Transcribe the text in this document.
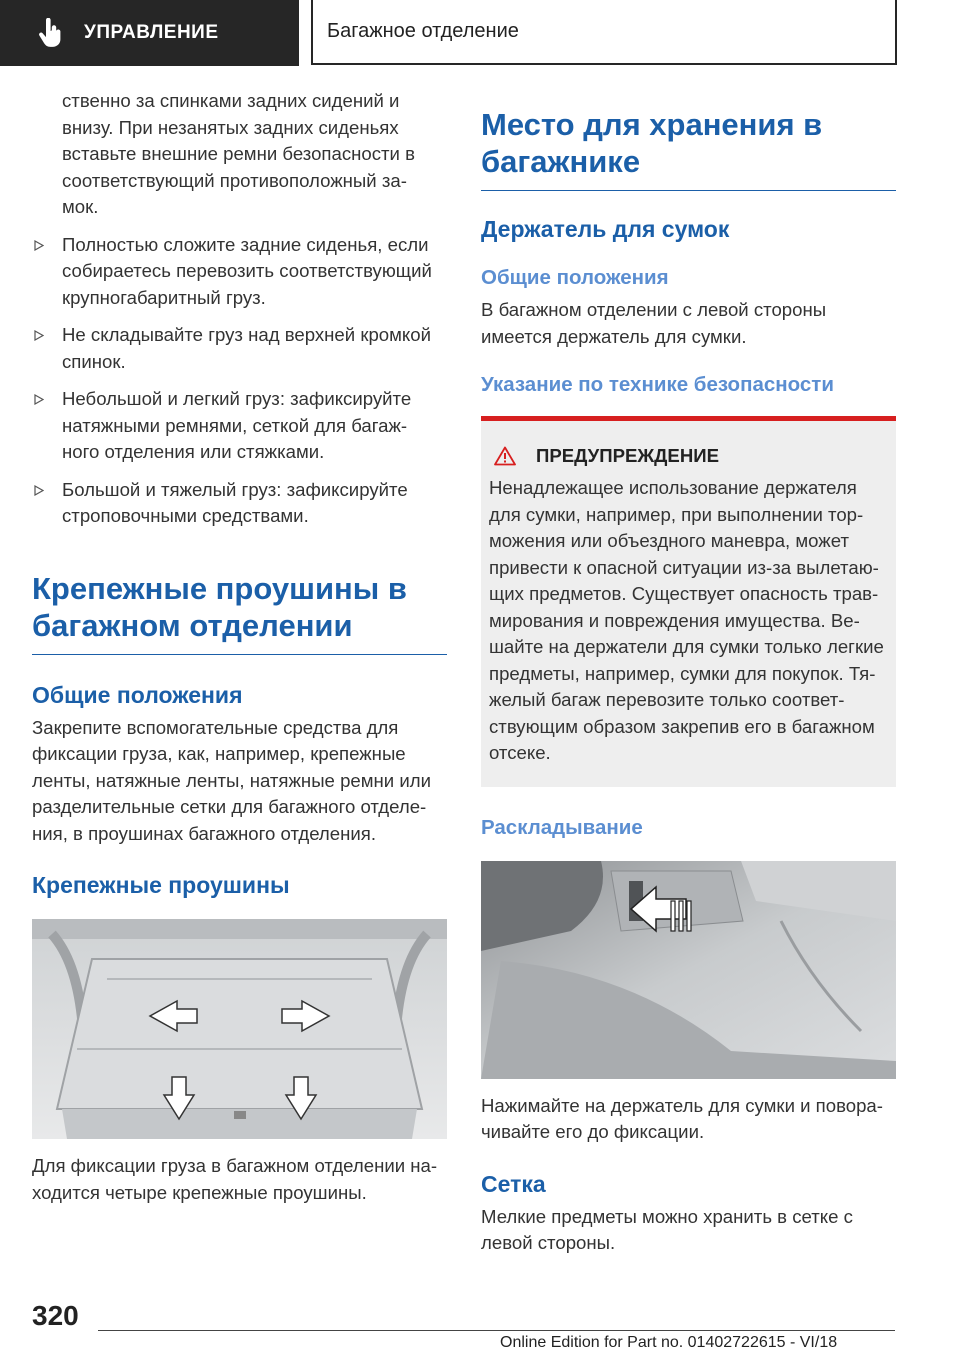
УПРАВЛЕНИЕ	Багажное отделение

ственно за спинками задних сидений и

внизу. При незанятых задних сиденьях

вставьте внешние ремни безопасности в

соответствующий противоположный за-

мок.

Полностью сложите задние сиденья, если

собираетесь перевозить соответствующий

крупногабаритный груз.

Не складывайте груз над верхней кромкой

спинок.

Небольшой и легкий груз: зафиксируйте

натяжными ремнями, сеткой для багаж-

ного отделения или стяжками.

Большой и тяжелый груз: зафиксируйте

строповочными средствами.

Крепежные проушины в

багажном отделении

Общие положения

Закрепите вспомогательные средства для

фиксации груза, как, например, крепежные

ленты, натяжные ленты, натяжные ремни или

разделительные сетки для багажного отделе-

ния, в проушинах багажного отделения.

Крепежные проушины

Для фиксации груза в багажном отделении на-

ходится четыре крепежные проушины.

Место для хранения в

багажнике

Держатель для сумок

Общие положения

В багажном отделении с левой стороны

имеется держатель для сумки.

Указание по технике безопасности

ПРЕДУПРЕЖДЕНИЕ

Ненадлежащее использование держателя

для сумки, например, при выполнении тор-

можения или объездного маневра, может

привести к опасной ситуации из-за вылетаю-

щих предметов. Существует опасность трав-

мирования и повреждения имущества. Ве-

шайте на держатели для сумки только легкие

предметы, например, сумки для покупок. Тя-

желый багаж перевозите только соответ-

ствующим образом закрепив его в багажном

отсеке.

Раскладывание

Нажимайте на держатель для сумки и повора-

чивайте его до фиксации.

Сетка

Мелкие предметы можно хранить в сетке с

левой стороны.

320
Online Edition for Part no. 01402722615 - VI/18
